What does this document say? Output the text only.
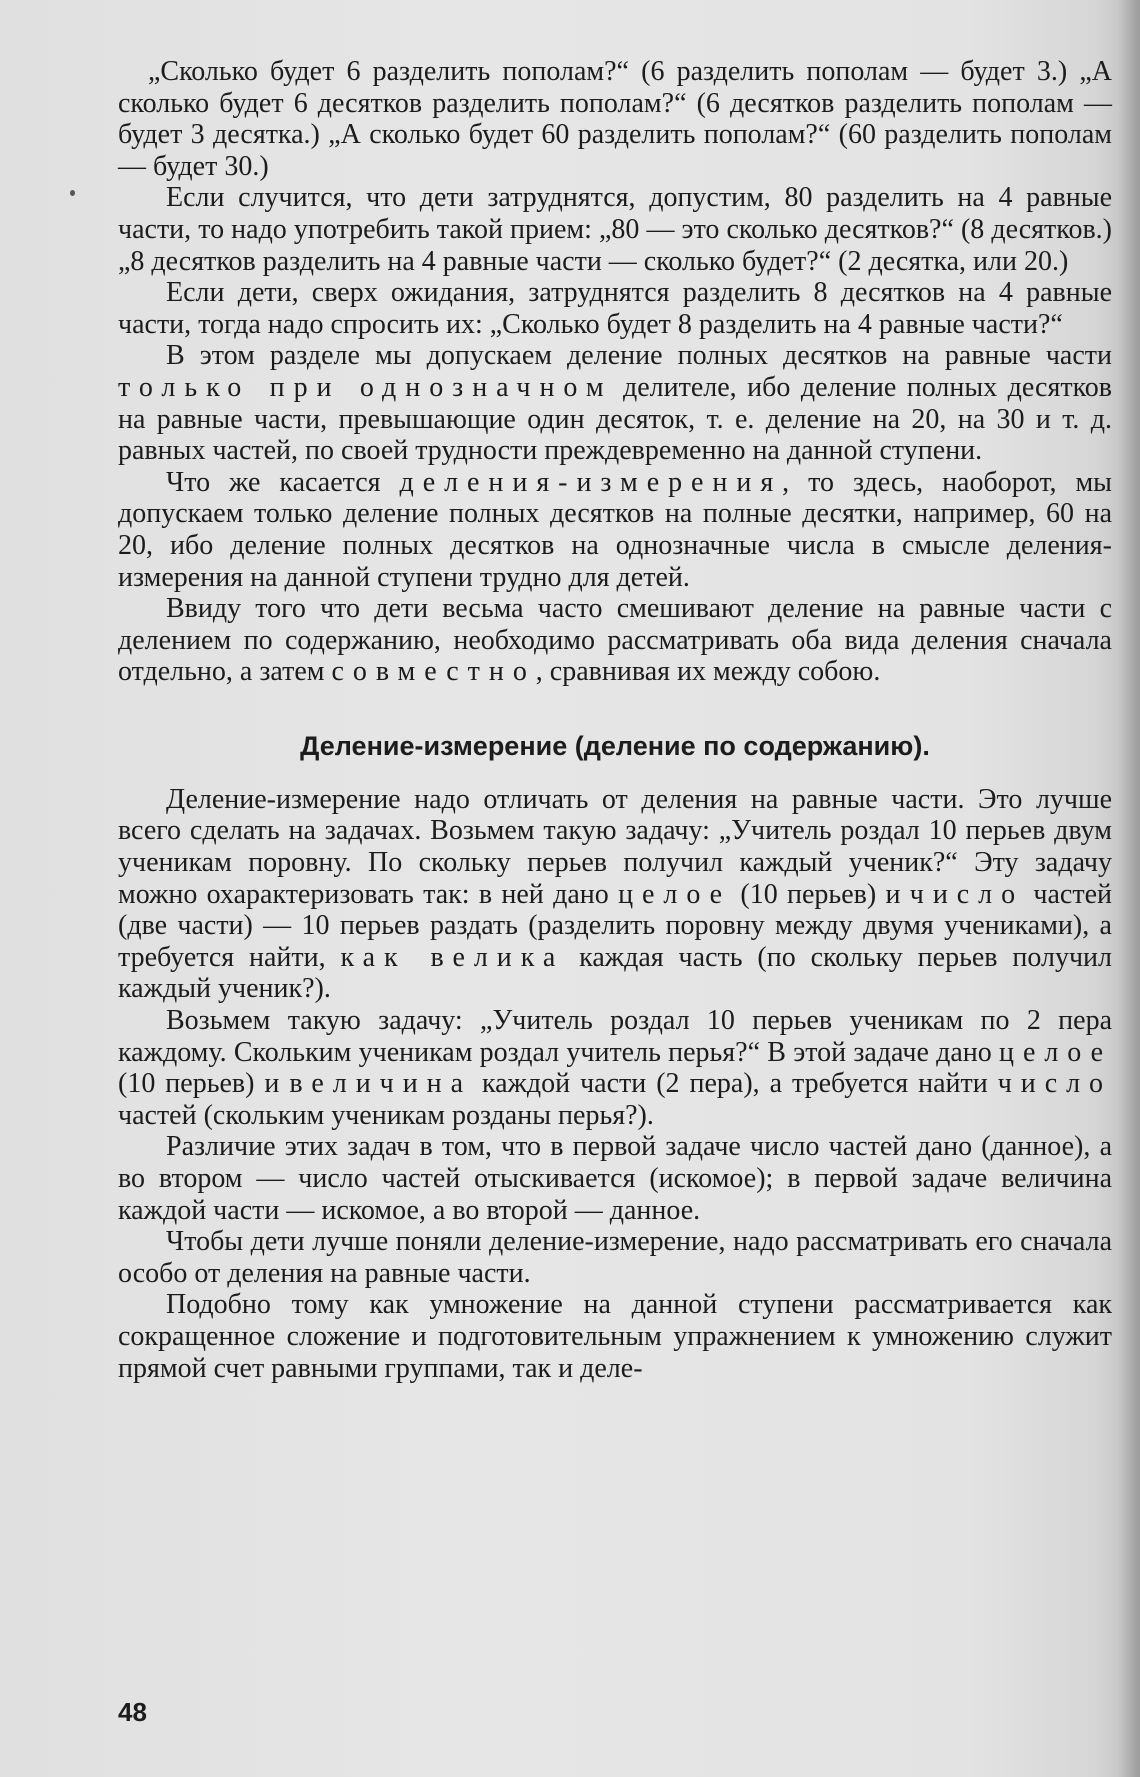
„Сколько будет 6 разделить пополам?“ (6 разделить пополам — будет 3.) „А сколько будет 6 десятков разделить пополам?“ (6 десятков разделить пополам — будет 3 десятка.) „А сколько будет 60 разделить пополам?“ (60 разделить пополам — будет 30.)

Если случится, что дети затруднятся, допустим, 80 разделить на 4 равные части, то надо употребить такой прием: „80 — это сколько десятков?“ (8 десятков.) „8 десятков разделить на 4 равные части — сколько будет?“ (2 десятка, или 20.)

Если дети, сверх ожидания, затруднятся разделить 8 десятков на 4 равные части, тогда надо спросить их: „Сколько будет 8 разделить на 4 равные части?“

В этом разделе мы допускаем деление полных десятков на равные части только при однозначном делителе, ибо деление полных десятков на равные части, превышающие один десяток, т. е. деление на 20, на 30 и т. д. равных частей, по своей трудности преждевременно на данной ступени.

Что же касается деления-измерения, то здесь, наоборот, мы допускаем только деление полных десятков на полные десятки, например, 60 на 20, ибо деление полных десятков на однозначные числа в смысле деления-измерения на данной ступени трудно для детей.

Ввиду того что дети весьма часто смешивают деление на равные части с делением по содержанию, необходимо рассматривать оба вида деления сначала отдельно, а затем совместно, сравнивая их между собою.

Деление-измерение (деление по содержанию).

Деление-измерение надо отличать от деления на равные части. Это лучше всего сделать на задачах. Возьмем такую задачу: „Учитель роздал 10 перьев двум ученикам поровну. По скольку перьев получил каждый ученик?“ Эту задачу можно охарактеризовать так: в ней дано целое (10 перьев) и число частей (две части) — 10 перьев раздать (разделить поровну между двумя учениками), а требуется найти, как велика каждая часть (по скольку перьев получил каждый ученик?).

Возьмем такую задачу: „Учитель роздал 10 перьев ученикам по 2 пера каждому. Скольким ученикам роздал учитель перья?“ В этой задаче дано целое (10 перьев) и величина каждой части (2 пера), а требуется найти число частей (скольким ученикам розданы перья?).

Различие этих задач в том, что в первой задаче число частей дано (данное), а во втором — число частей отыскивается (искомое); в первой задаче величина каждой части — искомое, а во второй — данное.

Чтобы дети лучше поняли деление-измерение, надо рассматривать его сначала особо от деления на равные части.

Подобно тому как умножение на данной ступени рассматривается как сокращенное сложение и подготовительным упражнением к умножению служит прямой счет равными группами, так и деле-

48
